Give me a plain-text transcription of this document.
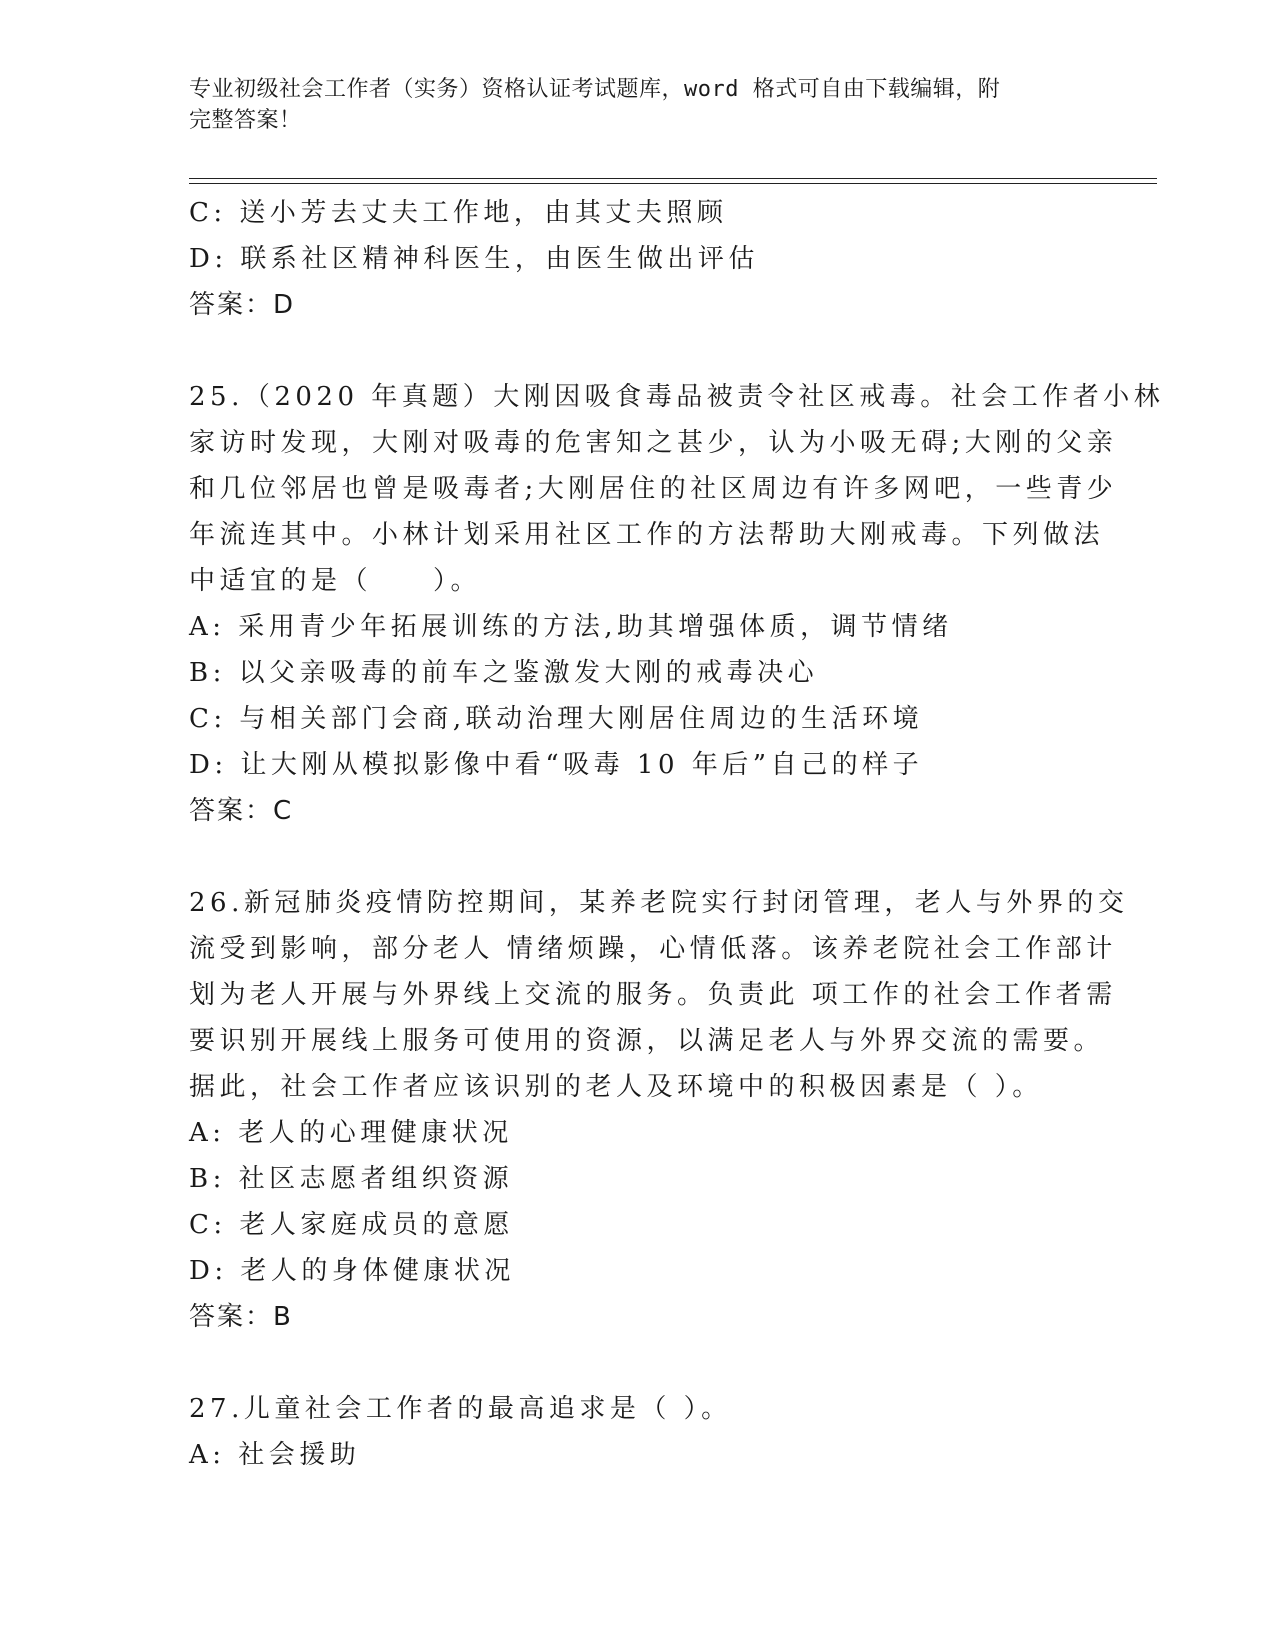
专业初级社会工作者（实务）资格认证考试题库，word 格式可自由下载编辑，附
完整答案！
C: 送小芳去丈夫工作地，由其丈夫照顾
D: 联系社区精神科医生，由医生做出评估
答案：D
25.（2020 年真题）大刚因吸食毒品被责令社区戒毒。社会工作者小林
家访时发现，大刚对吸毒的危害知之甚少，认为小吸无碍;大刚的父亲
和几位邻居也曾是吸毒者;大刚居住的社区周边有许多网吧，一些青少
年流连其中。小林计划采用社区工作的方法帮助大刚戒毒。下列做法
中适宜的是（　　）。
A: 采用青少年拓展训练的方法,助其增强体质，调节情绪
B: 以父亲吸毒的前车之鉴激发大刚的戒毒决心
C: 与相关部门会商,联动治理大刚居住周边的生活环境
D: 让大刚从模拟影像中看“吸毒 10 年后”自己的样子
答案：C
26.新冠肺炎疫情防控期间，某养老院实行封闭管理，老人与外界的交
流受到影响，部分老人 情绪烦躁，心情低落。该养老院社会工作部计
划为老人开展与外界线上交流的服务。负责此 项工作的社会工作者需
要识别开展线上服务可使用的资源，以满足老人与外界交流的需要。
据此，社会工作者应该识别的老人及环境中的积极因素是（ ）。
A: 老人的心理健康状况
B: 社区志愿者组织资源
C: 老人家庭成员的意愿
D: 老人的身体健康状况
答案：B
27.儿童社会工作者的最高追求是（ ）。
A: 社会援助
